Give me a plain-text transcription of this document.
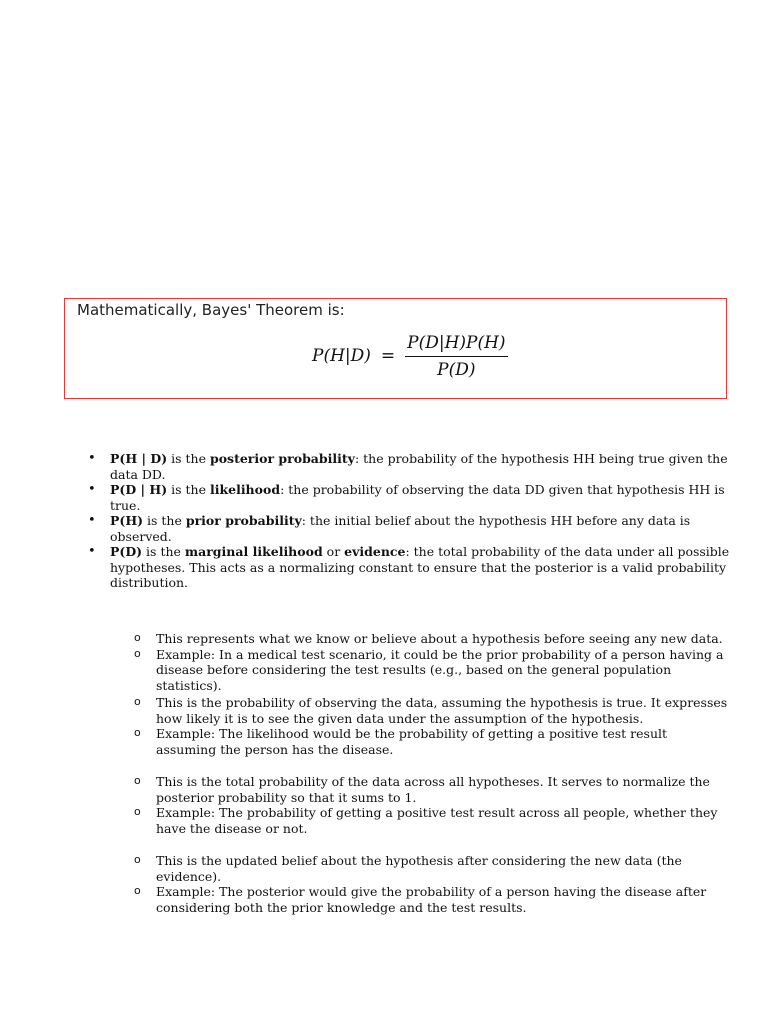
Mathematically, Bayes' Theorem is:
$P(H|D) = \frac{P(D|H)P(H)}{P(D)}$
• P(H | D) is the posterior probability: the probability of the hypothesis HH being true given the data DD.
• P(D | H) is the likelihood: the probability of observing the data DD given that hypothesis HH is true.
• P(H) is the prior probability: the initial belief about the hypothesis HH before any data is observed.
• P(D) is the marginal likelihood or evidence: the total probability of the data under all possible hypotheses. This acts as a normalizing constant to ensure that the posterior is a valid probability distribution.
o This represents what we know or believe about a hypothesis before seeing any new data.
o Example: In a medical test scenario, it could be the prior probability of a person having a disease before considering the test results (e.g., based on the general population statistics).
o This is the probability of observing the data, assuming the hypothesis is true. It expresses how likely it is to see the given data under the assumption of the hypothesis.
o Example: The likelihood would be the probability of getting a positive test result assuming the person has the disease.
o This is the total probability of the data across all hypotheses. It serves to normalize the posterior probability so that it sums to 1.
o Example: The probability of getting a positive test result across all people, whether they have the disease or not.
o This is the updated belief about the hypothesis after considering the new data (the evidence).
o Example: The posterior would give the probability of a person having the disease after considering both the prior knowledge and the test results.
